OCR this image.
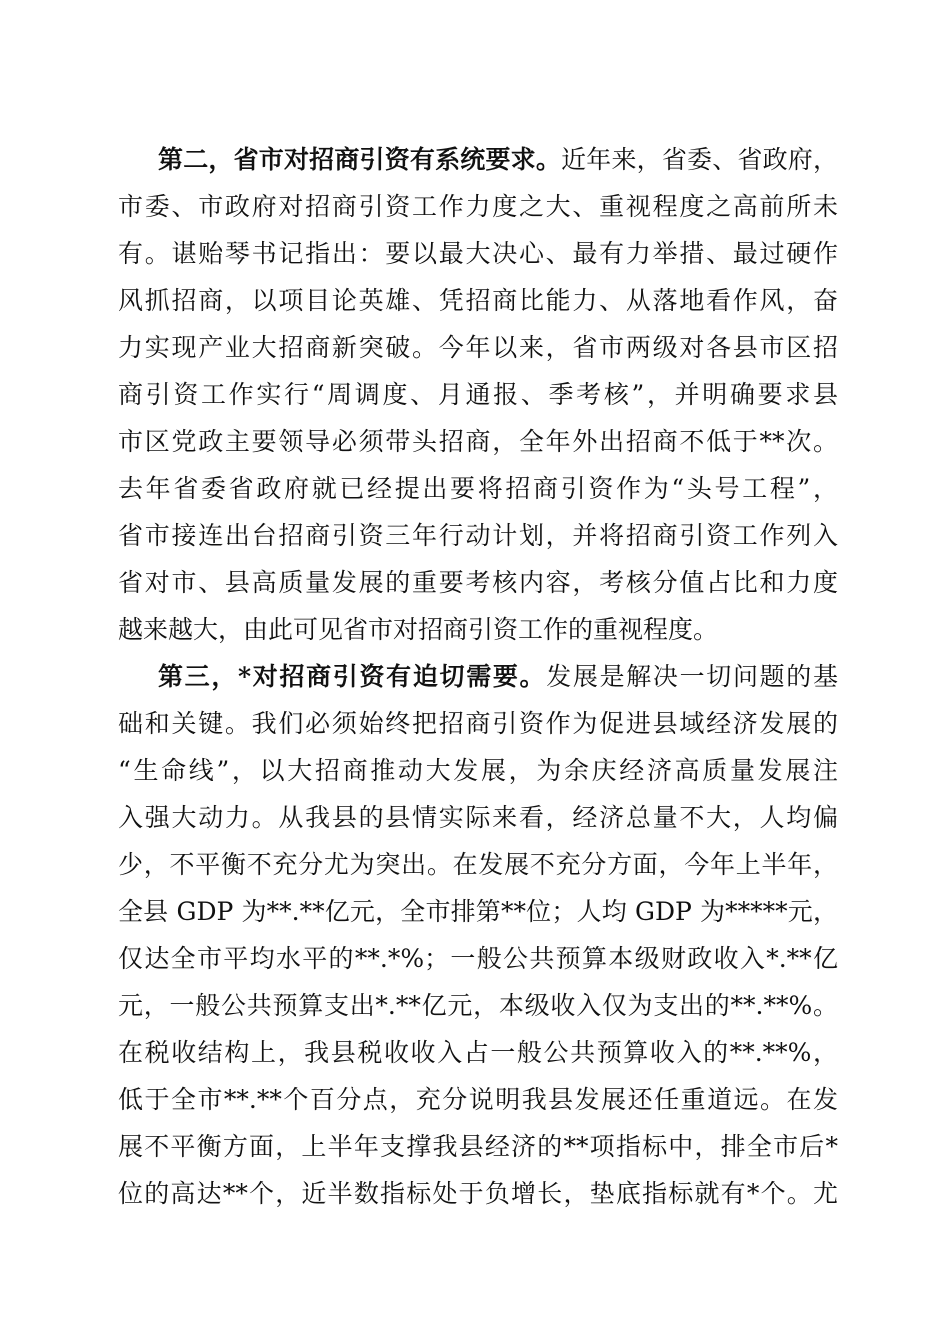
第二，省市对招商引资有系统要求。近年来，省委、省政府，
市委、市政府对招商引资工作力度之大、重视程度之高前所未
有。谌贻琴书记指出：要以最大决心、最有力举措、最过硬作
风抓招商，以项目论英雄、凭招商比能力、从落地看作风，奋
力实现产业大招商新突破。今年以来，省市两级对各县市区招
商引资工作实行“周调度、月通报、季考核”，并明确要求县
市区党政主要领导必须带头招商，全年外出招商不低于**次。
去年省委省政府就已经提出要将招商引资作为“头号工程”，
省市接连出台招商引资三年行动计划，并将招商引资工作列入
省对市、县高质量发展的重要考核内容，考核分值占比和力度
越来越大，由此可见省市对招商引资工作的重视程度。
第三，*对招商引资有迫切需要。发展是解决一切问题的基
础和关键。我们必须始终把招商引资作为促进县域经济发展的
“生命线”，以大招商推动大发展，为余庆经济高质量发展注
入强大动力。从我县的县情实际来看，经济总量不大，人均偏
少，不平衡不充分尤为突出。在发展不充分方面，今年上半年，
全县 GDP 为**.**亿元，全市排第**位；人均 GDP 为*****元，
仅达全市平均水平的**.*%；一般公共预算本级财政收入*.**亿
元，一般公共预算支出*.**亿元，本级收入仅为支出的**.**%。
在税收结构上，我县税收收入占一般公共预算收入的**.**%，
低于全市**.**个百分点，充分说明我县发展还任重道远。在发
展不平衡方面，上半年支撑我县经济的**项指标中，排全市后*
位的高达**个，近半数指标处于负增长，垫底指标就有*个。尤
